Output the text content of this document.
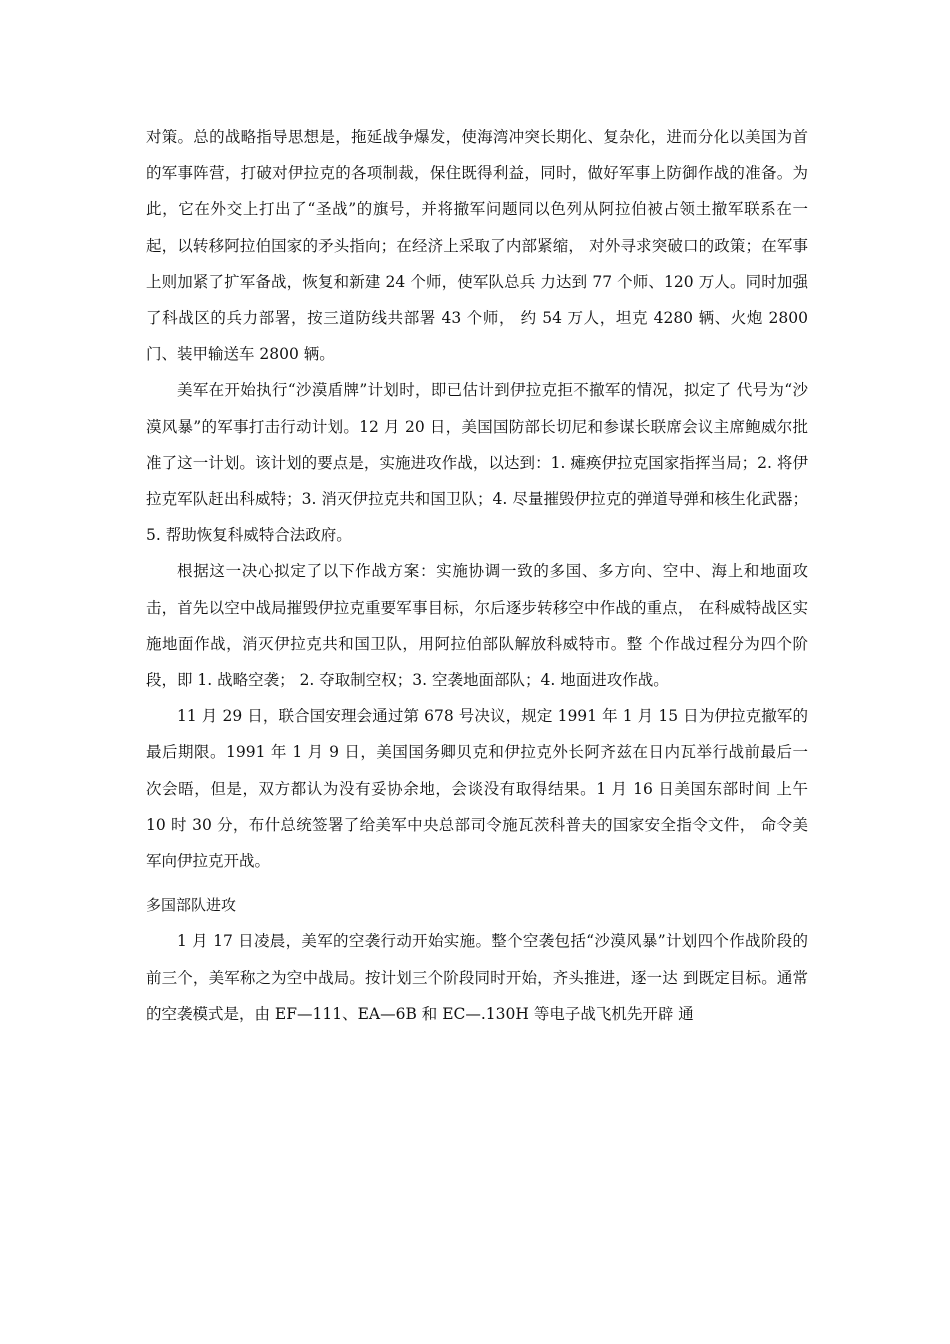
对策。总的战略指导思想是，拖延战争爆发，使海湾冲突长期化、复杂化，进而分化以美国为首的军事阵营，打破对伊拉克的各项制裁，保住既得利益，同时，做好军事上防御作战的准备。为此，它在外交上打出了“圣战”的旗号，并将撤军问题同以色列从阿拉伯被占领土撤军联系在一起，以转移阿拉伯国家的矛头指向；在经济上采取了内部紧缩， 对外寻求突破口的政策；在军事上则加紧了扩军备战，恢复和新建 24 个师，使军队总兵 力达到 77 个师、120 万人。同时加强了科战区的兵力部署，按三道防线共部署 43 个师， 约 54 万人，坦克 4280 辆、火炮 2800 门、装甲输送车 2800 辆。

美军在开始执行“沙漠盾牌”计划时，即已估计到伊拉克拒不撤军的情况，拟定了 代号为“沙漠风暴”的军事打击行动计划。12 月 20 日，美国国防部长切尼和参谋长联席会议主席鲍威尔批准了这一计划。该计划的要点是，实施进攻作战，以达到：1. 瘫痪伊拉克国家指挥当局；2. 将伊拉克军队赶出科威特；3. 消灭伊拉克共和国卫队；4. 尽量摧毁伊拉克的弹道导弹和核生化武器；5. 帮助恢复科威特合法政府。

根据这一决心拟定了以下作战方案：实施协调一致的多国、多方向、空中、海上和地面攻击，首先以空中战局摧毁伊拉克重要军事目标，尔后逐步转移空中作战的重点， 在科威特战区实施地面作战，消灭伊拉克共和国卫队，用阿拉伯部队解放科威特市。整 个作战过程分为四个阶段，即 1. 战略空袭； 2. 夺取制空权；3. 空袭地面部队；4. 地面进攻作战。

11 月 29 日，联合国安理会通过第 678 号决议，规定 1991 年 1 月 15 日为伊拉克撤军的最后期限。1991 年 1 月 9 日，美国国务卿贝克和伊拉克外长阿齐兹在日内瓦举行战前最后一 次会晤，但是，双方都认为没有妥协余地，会谈没有取得结果。1 月 16 日美国东部时间 上午 10 时 30 分，布什总统签署了给美军中央总部司令施瓦茨科普夫的国家安全指令文件， 命令美军向伊拉克开战。

多国部队进攻

1 月 17 日凌晨，美军的空袭行动开始实施。整个空袭包括“沙漠风暴”计划四个作战阶段的前三个，美军称之为空中战局。按计划三个阶段同时开始，齐头推进，逐一达 到既定目标。通常的空袭模式是，由 EF—111、EA—6B 和 EC—.130H 等电子战飞机先开辟 通
